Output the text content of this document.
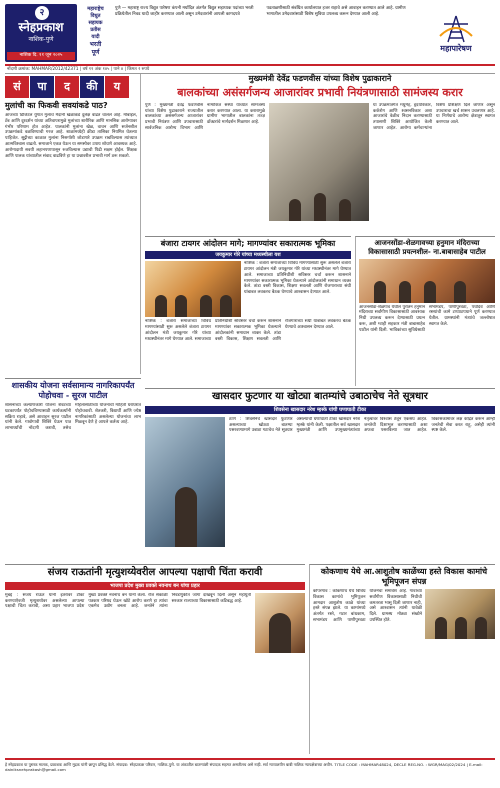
२
स्नेहप्रकाश
नाशिक-पुणे
नाशिक दि. ११ जून २०२५
महाराष्ट्रेच
विधुत
सहायक
प्रतीस
यादी
भरती
पूर्ण
पुणे — महाराष्ट्र राज्य विद्युत पारेषण कंपनी मर्यादित अंतर्गत विद्युत सहाय्यक पदांच्या भरती प्रक्रियेतील निवड यादी जाहीर करण्यात आली असून उमेदवारांनी आपली कागदपत्रे पडताळणीसाठी संबंधित कार्यालयात हजर राहावे असे आवाहन करण्यात आले आहे. ग्रामीण भागातील उमेदवारांसाठी विशेष सुविधा उपलब्ध करून देण्यात आली आहे.
महापारेषण
नोंदणी क्रमांक: MAHMAR/2012/42371 | वर्ष ११ अंक १४५ | पाने ४ | किंमत २ रुपये
सं	पा	द	की	य
मुलांची का फिकवी सवयांकडे पाठ?
आजच्या डिजिटल युगात मुलांचे मैदानी खेळांकडे दुर्लक्ष वाढत चालले आहे. मोबाईल, टॅब आणि दूरदर्शन यांच्या अतिवापरामुळे मुलांच्या शारीरिक आणि मानसिक आरोग्यावर गंभीर परिणाम होत आहेत. पालकांनी मुलांना खेळ, वाचन आणि सर्जनशील उपक्रमांकडे वळविण्याची गरज आहे. शाळांमध्येही क्रीडा तासिका नियमित घेतल्या पाहिजेत. सुट्टीच्या काळात मुलांना निसर्गाशी जोडणारे उपक्रम राबविल्यास त्यांच्यात आत्मविश्वास वाढतो. समाजाने एकत्र येऊन या समस्येवर उपाय शोधणे आवश्यक आहे. आरोग्यदायी सवयी लहानपणापासून रुजविल्यास उद्याची पिढी सक्षम होईल. शिक्षक आणि पालक यांच्यातील संवाद वाढविणे हा या प्रश्नावरील प्रभावी मार्ग ठरू शकतो.
मुख्यमंत्री देवेंद्र फडणवीस यांच्या विशेष पुढाकाराने
बालकांच्या असंसर्गजन्य आजारांवर प्रभावी नियंत्रणासाठी सामंजस्य करार
पुणे : मुख्यमंत्री देवेंद्र फडणवीस यांच्या विशेष पुढाकाराने राज्यातील बालकांच्या असंसर्गजन्य आजारांवर प्रभावी नियंत्रण आणि उपचारासाठी सार्वजनिक आरोग्य विभाग आणि नामांकित संस्था यांच्यात सामंजस्य करार करण्यात आला. या करारामुळे ग्रामीण भागातील बालकांना तज्ज्ञ डॉक्टरांचे मार्गदर्शन मिळणार आहे.
या उपक्रमांतर्गत मधुमेह, हृदयविकार, कर्करोग आणि श्वसनविकार अशा आजारांचे वेळीच निदान करण्यासाठी तपासणी शिबिरे आयोजित केली जाणार आहेत. आरोग्य कर्मचाऱ्यांना विशेष प्रशिक्षण दिले जाणार असून उपचाराचा खर्च शासन उचलणार आहे. या निर्णयाचे आरोग्य क्षेत्रातून स्वागत करण्यात आले.
बंजारा टायगर आंदोलन मागे; मागण्यांवर सकारात्मक भूमिका
जयकुमार गोरे यांच्या मध्यस्थीला यश
नाशिक : बंजारा समाजाच्या विविध मागण्यांसाठी सुरू असलेले बंजारा टायगर आंदोलन मंत्री जयकुमार गोरे यांच्या मध्यस्थीनंतर मागे घेण्यात आले. समाजाच्या प्रतिनिधींशी सविस्तर चर्चा करून शासनाने मागण्यांवर सकारात्मक भूमिका घेतल्याने आंदोलकांनी समाधान व्यक्त केले. तांडा वस्ती विकास, शिक्षण सवलती आणि रोजगाराच्या संधी यांबाबत लवकरच बैठक घेण्याचे आश्वासन देण्यात आले.
नाशिक : बंजारा समाजाच्या विविध मागण्यांसाठी सुरू असलेले बंजारा टायगर आंदोलन मंत्री जयकुमार गोरे यांच्या मध्यस्थीनंतर मागे घेण्यात आले. समाजाच्या प्रतिनिधींशी सविस्तर चर्चा करून शासनाने मागण्यांवर सकारात्मक भूमिका घेतल्याने आंदोलकांनी समाधान व्यक्त केले. तांडा वस्ती विकास, शिक्षण सवलती आणि रोजगाराच्या संधी यांबाबत लवकरच बैठक घेण्याचे आश्वासन देण्यात आले.
आजनसोंडा-शेळगावच्या हनुमान मंदिराच्या विकासासाठी प्रयत्नशील- ना.बाबासाहेब पाटील
आजनसोंडा-शेळगाव येथील पुरातन हनुमान मंदिराच्या सर्वांगीण विकासासाठी आवश्यक निधी उपलब्ध करून देण्यासाठी प्रयत्न करू, अशी ग्वाही सहकार मंत्री बाबासाहेब पाटील यांनी दिली. भाविकांच्या सुविधेसाठी सभामंडप, पाणीपुरवठा, पथदिवे आणि रस्त्यांची कामे टप्प्याटप्प्याने पूर्ण करण्यात येतील. ग्रामस्थांनी मंत्र्यांचे जल्लोषात स्वागत केले.
शासकीय योजना सर्वसामान्य नागरिकापर्यंत पोहोचवा - सुरज पाटील
शासनाच्या कल्याणकारी योजना शेवटच्या घटकापर्यंत पोहोचविण्यासाठी कार्यकर्त्यांनी सक्रिय राहावे, असे आवाहन सुरज पाटील यांनी केले. गावोगावी शिबिरे घेऊन पात्र लाभार्थ्यांची नोंदणी करावी, तसेच महिलांसाठीच्या योजनांची माहिती घराघरात पोहोचवावी. शेतकरी, विद्यार्थी आणि ज्येष्ठ नागरिकांसाठी असलेल्या योजनांचा लाभ मिळवून देणे हे आपले कर्तव्य आहे.
खासदार फुटणार या खोट्या बातम्यांचे उबाठाचेच नेते सूत्रधार
शिवसेना खासदार नरेश म्हस्के यांची घणाघाती टीका
ठाणे : शिवसेनेचे खासदार फुटणार असल्याच्या खोट्या बातम्या पसरवण्यामागे उबाठा गटाचेच नेते सूत्रधार असल्याची घणाघाती टीका खासदार नरेश म्हस्के यांनी केली. पक्षातील सर्व खासदार मुख्यमंत्री आणि उपमुख्यमंत्र्यांच्या नेतृत्वावर विश्वास ठेवून एकसंघ आहेत. जनतेची दिशाभूल करण्यासाठी अशा अफवा पसरविल्या जात आहेत. विकासकामांवर लक्ष केंद्रित करून आम्ही जनतेची सेवा करत राहू, असेही त्यांनी स्पष्ट केले.
संजय राऊतांनी मृत्युशय्येवरील आपल्या पक्षाची चिंता करावी
भाजपा प्रदेश मुख्य प्रवक्ते नवनाथ बन यांचा प्रहार
मुंबई : संजय राऊत यांनी इतरांवर टीका करण्याऐवजी मृत्युशय्येवर असलेल्या आपल्या पक्षाची चिंता करावी, असा प्रहार भाजपा प्रदेश मुख्य प्रवक्ते नवनाथ बन यांनी केला. रोज सकाळी पत्रकार परिषद घेऊन खोटे आरोप करणे हा त्यांचा एकमेव उद्योग बनला आहे. जनतेने त्यांना निवडणुकीत जागा दाखवून दिली असून महायुती सरकार राज्याच्या विकासासाठी कटिबद्ध आहे.
कोकणाथ येथे आ.आशुतोष काळेंच्या हस्ते विकास कामांचे भूमिपूजन संपन्न
कोपरगाव : कोकणाथ येथे विविध विकास कामांचे भूमिपूजन आमदार आशुतोष काळे यांच्या हस्ते संपन्न झाले. या कामांमध्ये अंतर्गत रस्ते, गटार बांधकाम, सभामंडप आणि पाणीपुरवठा योजनेचा समावेश आहे. गावाच्या सर्वांगीण विकासासाठी निधीची कमतरता भासू दिली जाणार नाही, असे आश्वासन त्यांनी यावेळी दिले. ग्रामस्थ मोठ्या संख्येने उपस्थित होते.
हे स्नेहप्रकाश या पुस्तक मालक, प्रकाशक आणि मुद्रक यांनी छापून प्रसिद्ध केले. संपादक: स्नेहप्रकाश परिवार, नाशिक-पुणे. या अंकातील बातम्यांशी संपादक सहमत असतीलच असे नाही. सर्व न्यायालयीन बाबी नाशिक न्यायक्षेत्राच्या अधीन. TITLE CODE : MAHMAR48024, DECLE REG.NO. : WGR/MAG/02/2024 | E-mail: dainiksnehprakash@gmail.com
